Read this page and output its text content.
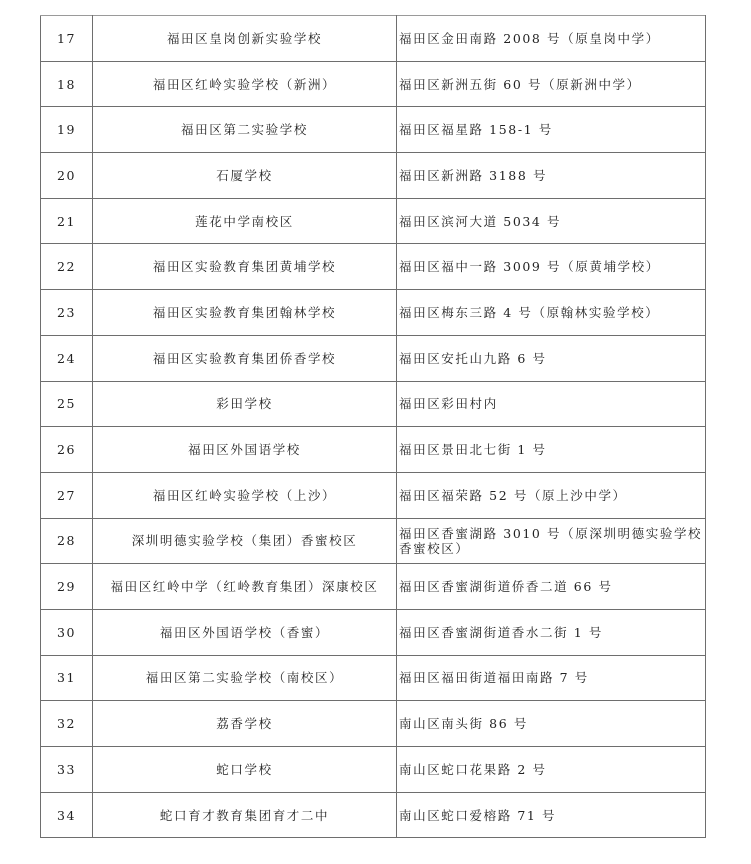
17	福田区皇岗创新实验学校	福田区金田南路 2008 号（原皇岗中学）

18	福田区红岭实验学校（新洲）	福田区新洲五街 60 号（原新洲中学）

19	福田区第二实验学校	福田区福星路 158-1 号

20	石厦学校	福田区新洲路 3188 号

21	莲花中学南校区	福田区滨河大道 5034 号

22	福田区实验教育集团黄埔学校	福田区福中一路 3009 号（原黄埔学校）

23	福田区实验教育集团翰林学校	福田区梅东三路 4 号（原翰林实验学校）

24	福田区实验教育集团侨香学校	福田区安托山九路 6 号

25	彩田学校	福田区彩田村内

26	福田区外国语学校	福田区景田北七街 1 号

27	福田区红岭实验学校（上沙）	福田区福荣路 52 号（原上沙中学）

28	深圳明德实验学校（集团）香蜜校区	福田区香蜜湖路 3010 号（原深圳明德实验学校香蜜校区）

29	福田区红岭中学（红岭教育集团）深康校区	福田区香蜜湖街道侨香二道 66 号

30	福田区外国语学校（香蜜）	福田区香蜜湖街道香水二街 1 号

31	福田区第二实验学校（南校区）	福田区福田街道福田南路 7 号

32	荔香学校	南山区南头街 86 号

33	蛇口学校	南山区蛇口花果路 2 号

34	蛇口育才教育集团育才二中	南山区蛇口爱榕路 71 号
